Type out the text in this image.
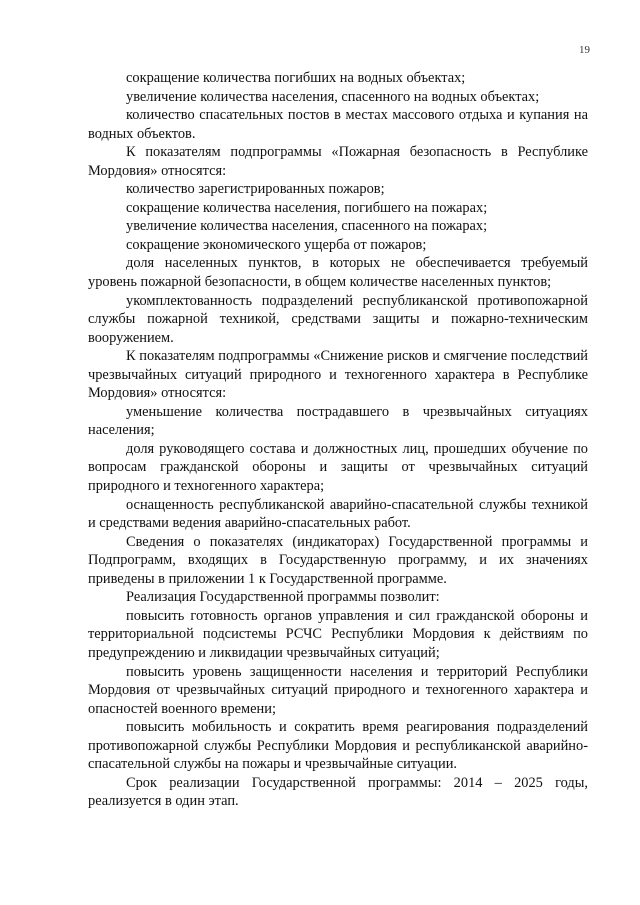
19

сокращение количества погибших на водных объектах;

увеличение количества населения, спасенного на водных объектах;

количество спасательных постов в местах массового отдыха и купания на водных объектов.

К показателям подпрограммы «Пожарная безопасность в Республике Мордовия» относятся:

количество зарегистрированных пожаров;

сокращение количества населения, погибшего на пожарах;

увеличение количества населения, спасенного на пожарах;

сокращение экономического ущерба от пожаров;

доля населенных пунктов, в которых не обеспечивается требуемый уровень пожарной безопасности, в общем количестве населенных пунктов;

укомплектованность подразделений республиканской противопожарной службы пожарной техникой, средствами защиты и пожарно-техническим вооружением.

К показателям подпрограммы «Снижение рисков и смягчение последствий чрезвычайных ситуаций природного и техногенного характера в Республике Мордовия» относятся:

уменьшение количества пострадавшего в чрезвычайных ситуациях населения;

доля руководящего состава и должностных лиц, прошедших обучение по вопросам гражданской обороны и защиты от чрезвычайных ситуаций природного и техногенного характера;

оснащенность республиканской аварийно-спасательной службы техникой и средствами ведения аварийно-спасательных работ.

Сведения о показателях (индикаторах) Государственной программы и Подпрограмм, входящих в Государственную программу, и их значениях приведены в приложении 1 к Государственной программе.

Реализация Государственной программы позволит:

повысить готовность органов управления и сил гражданской обороны и территориальной подсистемы РСЧС Республики Мордовия к действиям по предупреждению и ликвидации чрезвычайных ситуаций;

повысить уровень защищенности населения и территорий Республики Мордовия от чрезвычайных ситуаций природного и техногенного характера и опасностей военного времени;

повысить мобильность и сократить время реагирования подразделений противопожарной службы Республики Мордовия и республиканской аварийно-спасательной службы на пожары и чрезвычайные ситуации.

Срок реализации Государственной программы: 2014 – 2025 годы, реализуется в один этап.
